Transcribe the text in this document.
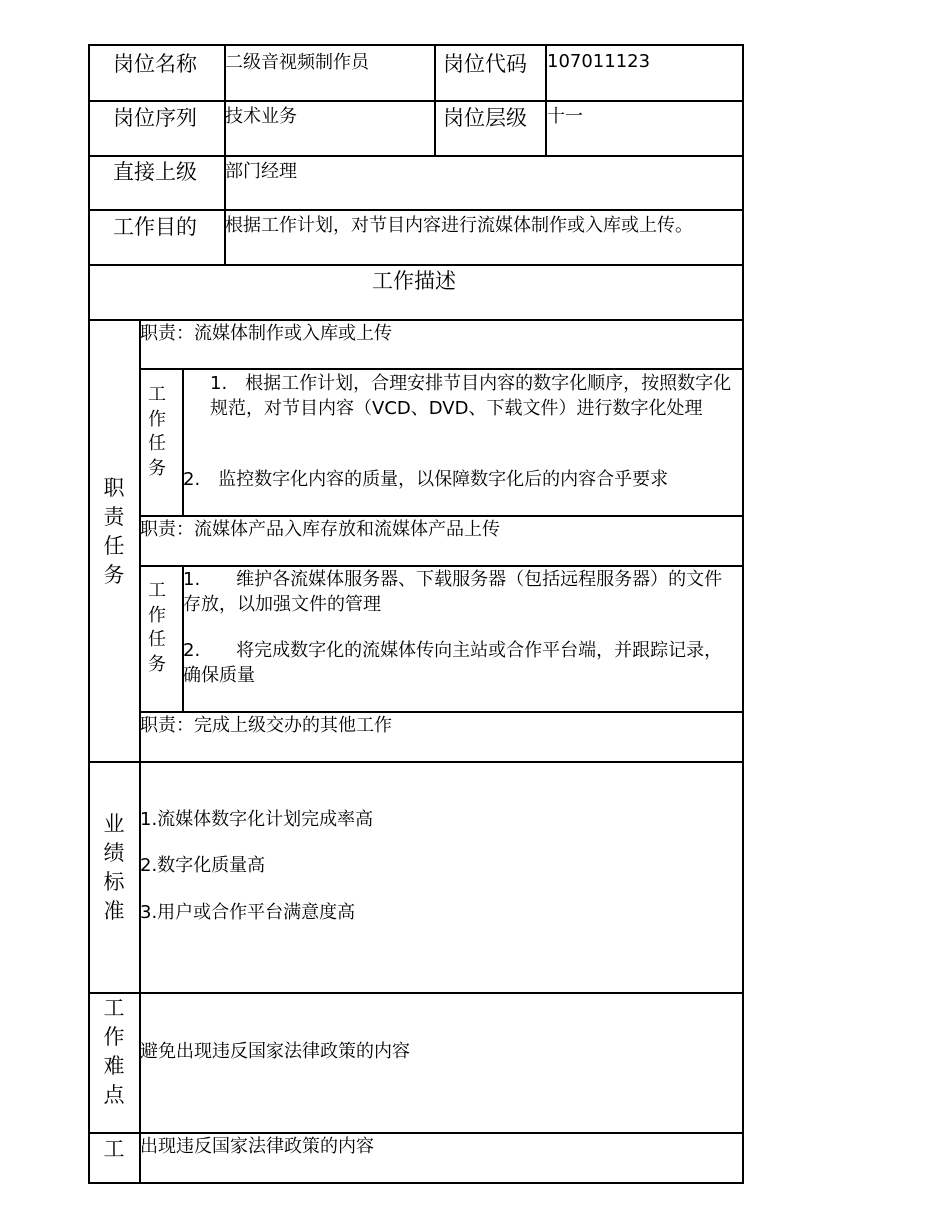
岗位名称 二级音视频制作员	岗位代码 107011123
岗位序列 技术业务	岗位层级 十一
直接上级 部门经理
工作目的 根据工作计划，对节目内容进行流媒体制作或入库或上传。
工作描述
职责任务
职责：流媒体制作或入库或上传
工作任务
1.　根据工作计划，合理安排节目内容的数字化顺序，按照数字化规范，对节目内容（VCD、DVD、下载文件）进行数字化处理
2.　监控数字化内容的质量，以保障数字化后的内容合乎要求
职责：流媒体产品入库存放和流媒体产品上传
工作任务
1.　　维护各流媒体服务器、下载服务器（包括远程服务器）的文件存放，以加强文件的管理
2.　　将完成数字化的流媒体传向主站或合作平台端，并跟踪记录，确保质量
职责：完成上级交办的其他工作
业绩标准
1.流媒体数字化计划完成率高
2.数字化质量高
3.用户或合作平台满意度高
工作难点
避免出现违反国家法律政策的内容
工 出现违反国家法律政策的内容
